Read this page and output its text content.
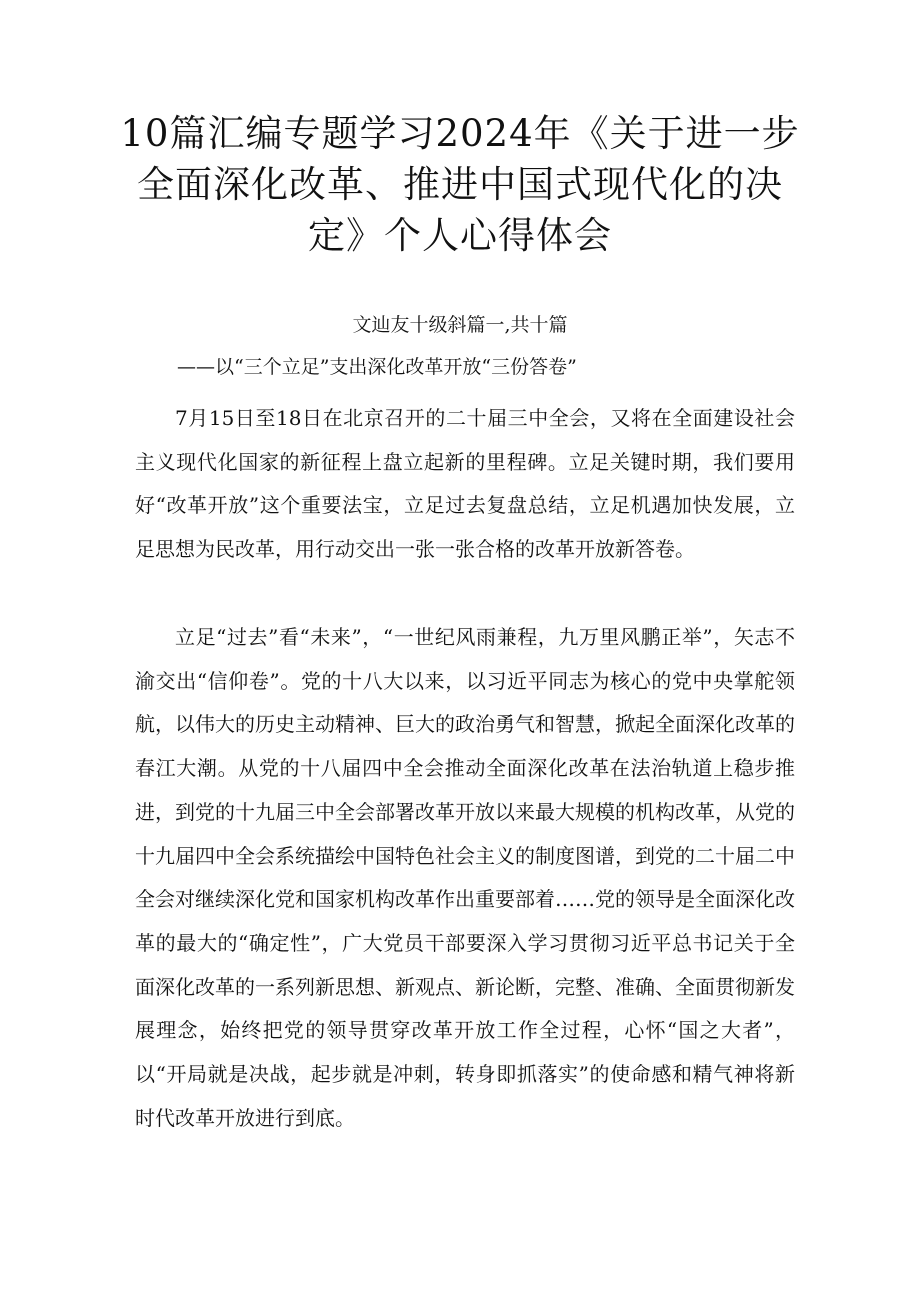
10篇汇编专题学习2024年《关于进一步全面深化改革、推进中国式现代化的决定》个人心得体会

文辿友十级斜篇一,共十篇

——以“三个立足”支出深化改革开放“三份答卷”

7月15日至18日在北京召开的二十届三中全会，又将在全面建设社会主义现代化国家的新征程上盘立起新的里程碑。立足关键时期，我们要用好“改革开放”这个重要法宝，立足过去复盘总结，立足机遇加快发展，立足思想为民改革，用行动交出一张一张合格的改革开放新答卷。

立足“过去”看“未来”，“一世纪风雨兼程，九万里风鹏正举”，矢志不渝交出“信仰卷”。党的十八大以来，以习近平同志为核心的党中央掌舵领航，以伟大的历史主动精神、巨大的政治勇气和智慧，掀起全面深化改革的春江大潮。从党的十八届四中全会推动全面深化改革在法治轨道上稳步推进，到党的十九届三中全会部署改革开放以来最大规模的机构改革，从党的十九届四中全会系统描绘中国特色社会主义的制度图谱，到党的二十届二中全会对继续深化党和国家机构改革作出重要部着……党的领导是全面深化改革的最大的“确定性”，广大党员干部要深入学习贯彻习近平总书记关于全面深化改革的一系列新思想、新观点、新论断，完整、准确、全面贯彻新发展理念，始终把党的领导贯穿改革开放工作全过程，心怀“国之大者”，以“开局就是决战，起步就是冲刺，转身即抓落实”的使命感和精气神将新时代改革开放进行到底。
